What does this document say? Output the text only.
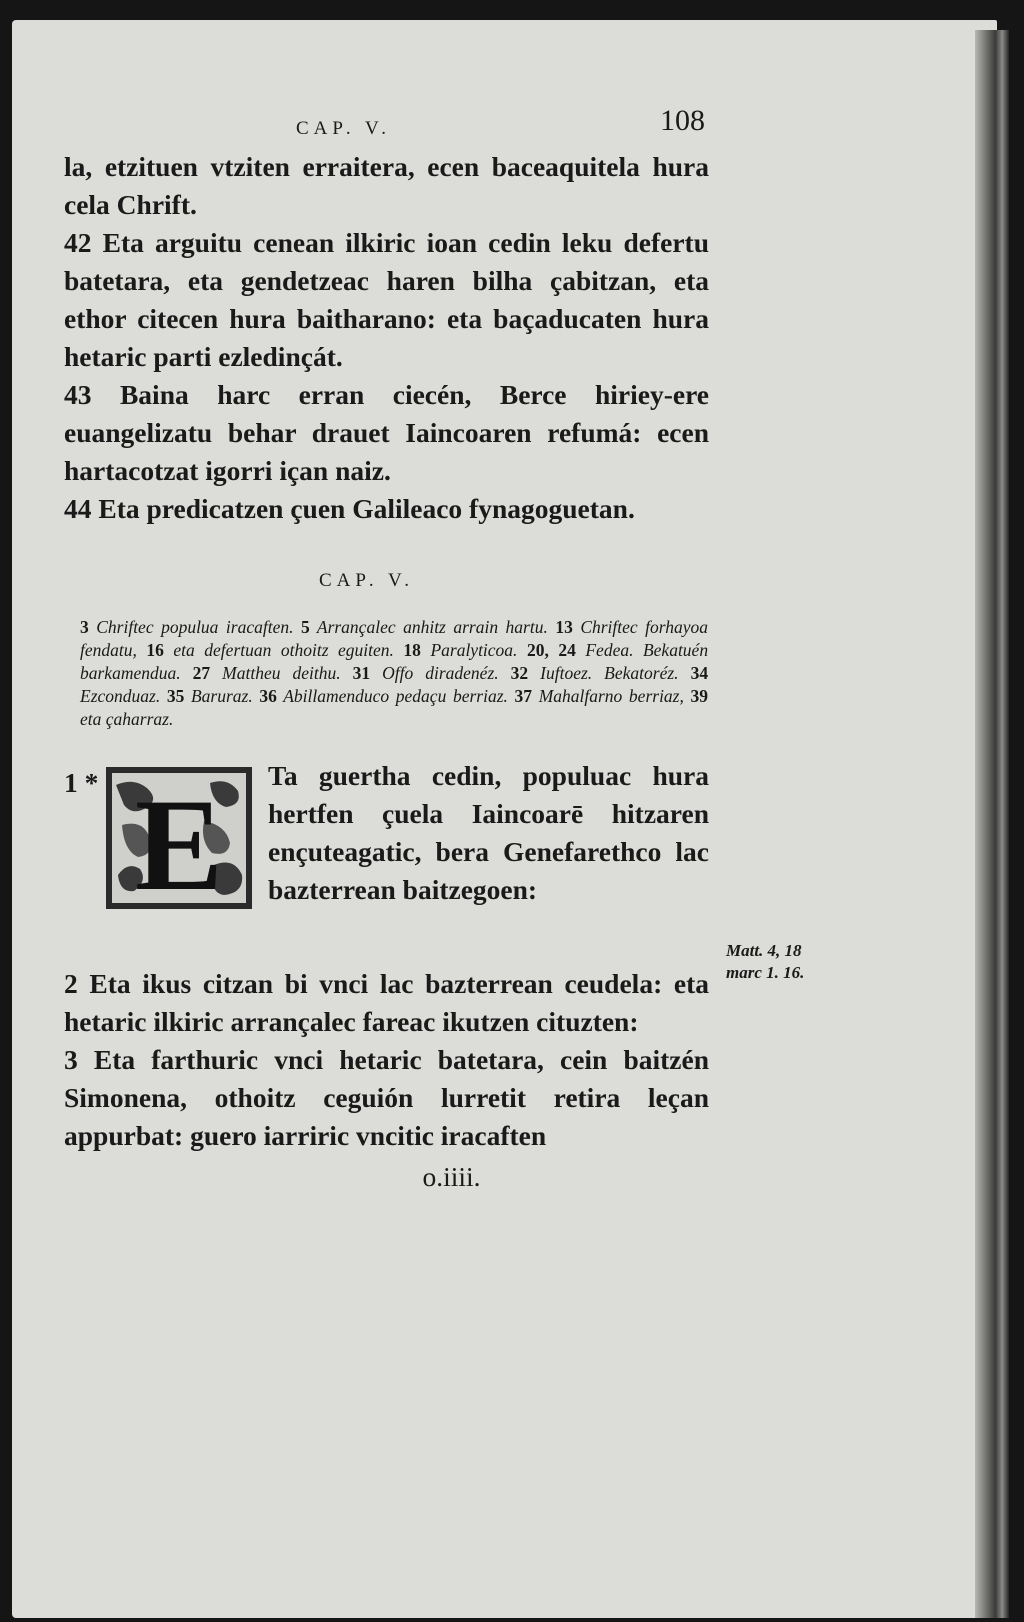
CAP. V.	108

la, etzituen vtziten erraitera, ecen baceaquitela hura cela Chrift.

42 Eta arguitu cenean ilkiric ioan cedin leku defertu batetara, eta gendetzeac haren bilha çabitzan, eta ethor citecen hura baitharano: eta baçaducaten hura hetaric parti ezledinçát.

43 Baina harc erran ciecén, Berce hiriey-ere euangelizatu behar drauet Iaincoaren refumá: ecen hartacotzat igorri içan naiz.

44 Eta predicatzen çuen Galileaco fynagoguetan.

CAP. V.

3 Chriftec populua iracaften. 5 Arrançalec anhitz arrain hartu. 13 Chriftec forhayoa fendatu, 16 eta defertuan othoitz eguiten. 18 Paralyticoa. 20, 24 Fedea. Bekatuén barkamendua. 27 Mattheu deithu. 31 Offo diradenéz. 32 Iuftoez. Bekatoréz. 34 Ezconduaz. 35 Baruraz. 36 Abillamenduco pedaçu berriaz. 37 Mahalfarno berriaz, 39 eta çaharraz.

1 * E Ta guertha cedin, populuac hura hertfen çuela Iaincoarē hitzaren ençuteagatic, bera Genefarethco lac bazterrean baitzegoen:

2 Eta ikus citzan bi vnci lac bazterrean ceudela: eta hetaric ilkiric arrançalec fareac ikutzen cituzten:

3 Eta farthuric vnci hetaric batetara, cein baitzén Simonena, othoitz ceguión lurretit retira leçan appurbat: guero iarriric vncitic iracaften

o.iiii.
Matt. 4, 18
marc 1. 16.
